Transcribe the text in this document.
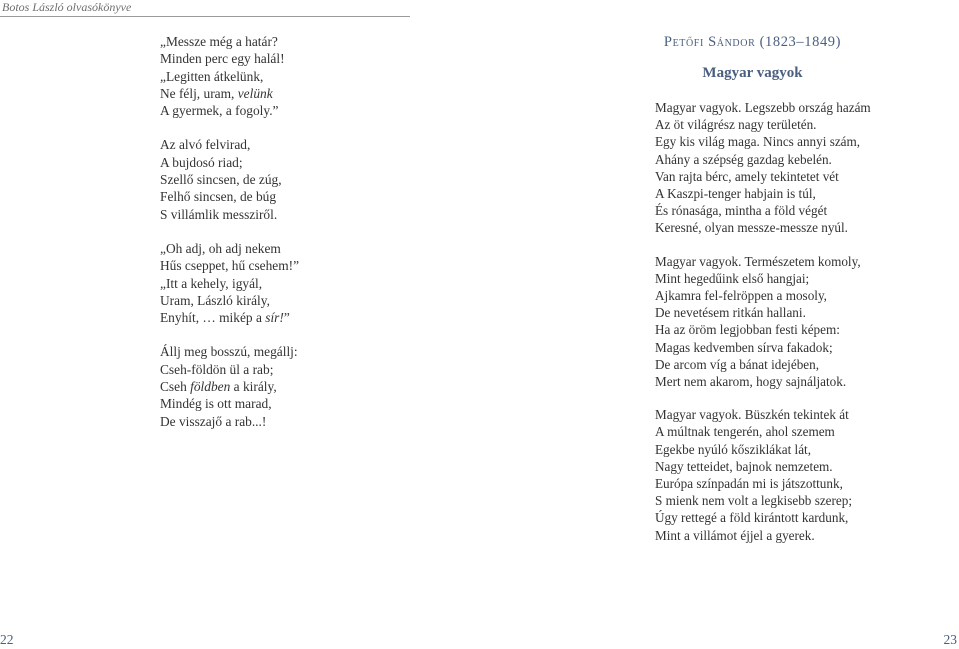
Botos László olvasókönyve
„Messze még a határ?
Minden perc egy halál!
„Legitten átkelünk,
Ne félj, uram, velünk
A gyermek, a fogoly.”
Az alvó felvirad,
A bujdosó riad;
Szellő sincsen, de zúg,
Felhő sincsen, de búg
S villámlik messziről.
„Oh adj, oh adj nekem
Hűs cseppet, hű csehem!”
„Itt a kehely, igyál,
Uram, László király,
Enyhít, … mikép a sír!”
Állj meg bosszú, megállj:
Cseh-földön ül a rab;
Cseh földben a király,
Mindég is ott marad,
De visszajő a rab...!
Petőfi Sándor (1823–1849)
Magyar vagyok
Magyar vagyok. Legszebb ország hazám
Az öt világrész nagy területén.
Egy kis világ maga. Nincs annyi szám,
Ahány a szépség gazdag kebelén.
Van rajta bérc, amely tekintetet vét
A Kaszpi-tenger habjain is túl,
És rónasága, mintha a föld végét
Keresné, olyan messze-messze nyúl.
Magyar vagyok. Természetem komoly,
Mint hegedűink első hangjai;
Ajkamra fel-felröppen a mosoly,
De nevetésem ritkán hallani.
Ha az öröm legjobban festi képem:
Magas kedvemben sírva fakadok;
De arcom víg a bánat idejében,
Mert nem akarom, hogy sajnáljatok.
Magyar vagyok. Büszkén tekintek át
A múltnak tengerén, ahol szemem
Egekbe nyúló kősziklákat lát,
Nagy tetteidet, bajnok nemzetem.
Európa színpadán mi is játszottunk,
S mienk nem volt a legkisebb szerep;
Úgy rettegé a föld kirántott kardunk,
Mint a villámot éjjel a gyerek.
22	23
